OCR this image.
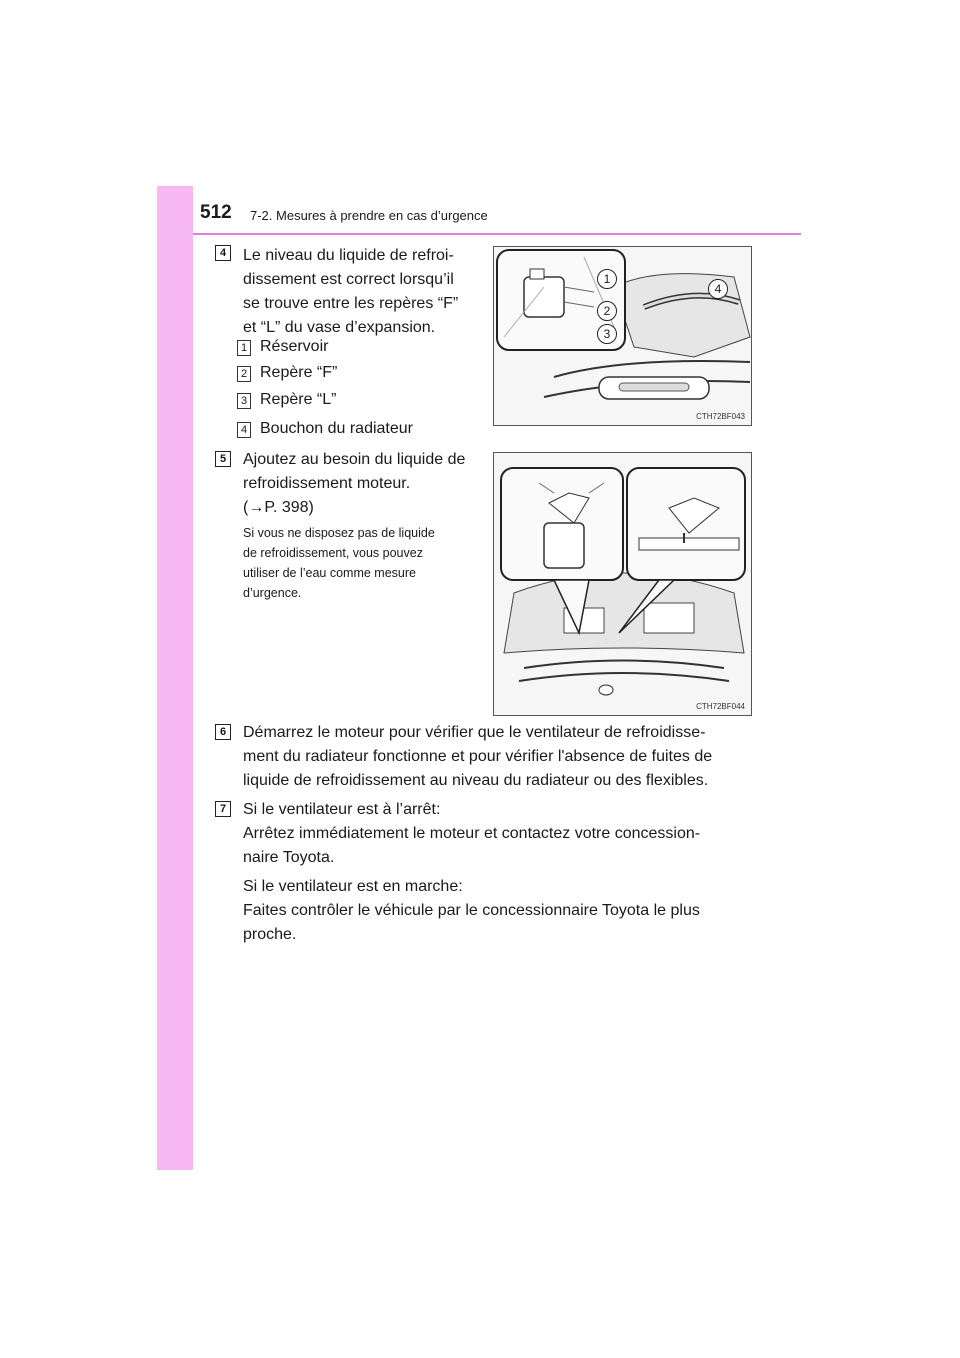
512 7-2. Mesures à prendre en cas d’urgence
4	Le niveau du liquide de refroi-
dissement est correct lorsqu’il
se trouve entre les repères “F”
et “L” du vase d’expansion.
1 Réservoir
2 Repère “F”
3 Repère “L”
4 Bouchon du radiateur
1
2
3
4
CTH72BF043
5	Ajoutez au besoin du liquide de
refroidissement moteur.
(→P. 398)
Si vous ne disposez pas de liquide
de refroidissement, vous pouvez
utiliser de l’eau comme mesure
d’urgence.
CTH72BF044
6	Démarrez le moteur pour vérifier que le ventilateur de refroidisse-
ment du radiateur fonctionne et pour vérifier l'absence de fuites de
liquide de refroidissement au niveau du radiateur ou des flexibles.
7	Si le ventilateur est à l’arrêt:
Arrêtez immédiatement le moteur et contactez votre concession-
naire Toyota.
Si le ventilateur est en marche:
Faites contrôler le véhicule par le concessionnaire Toyota le plus
proche.
